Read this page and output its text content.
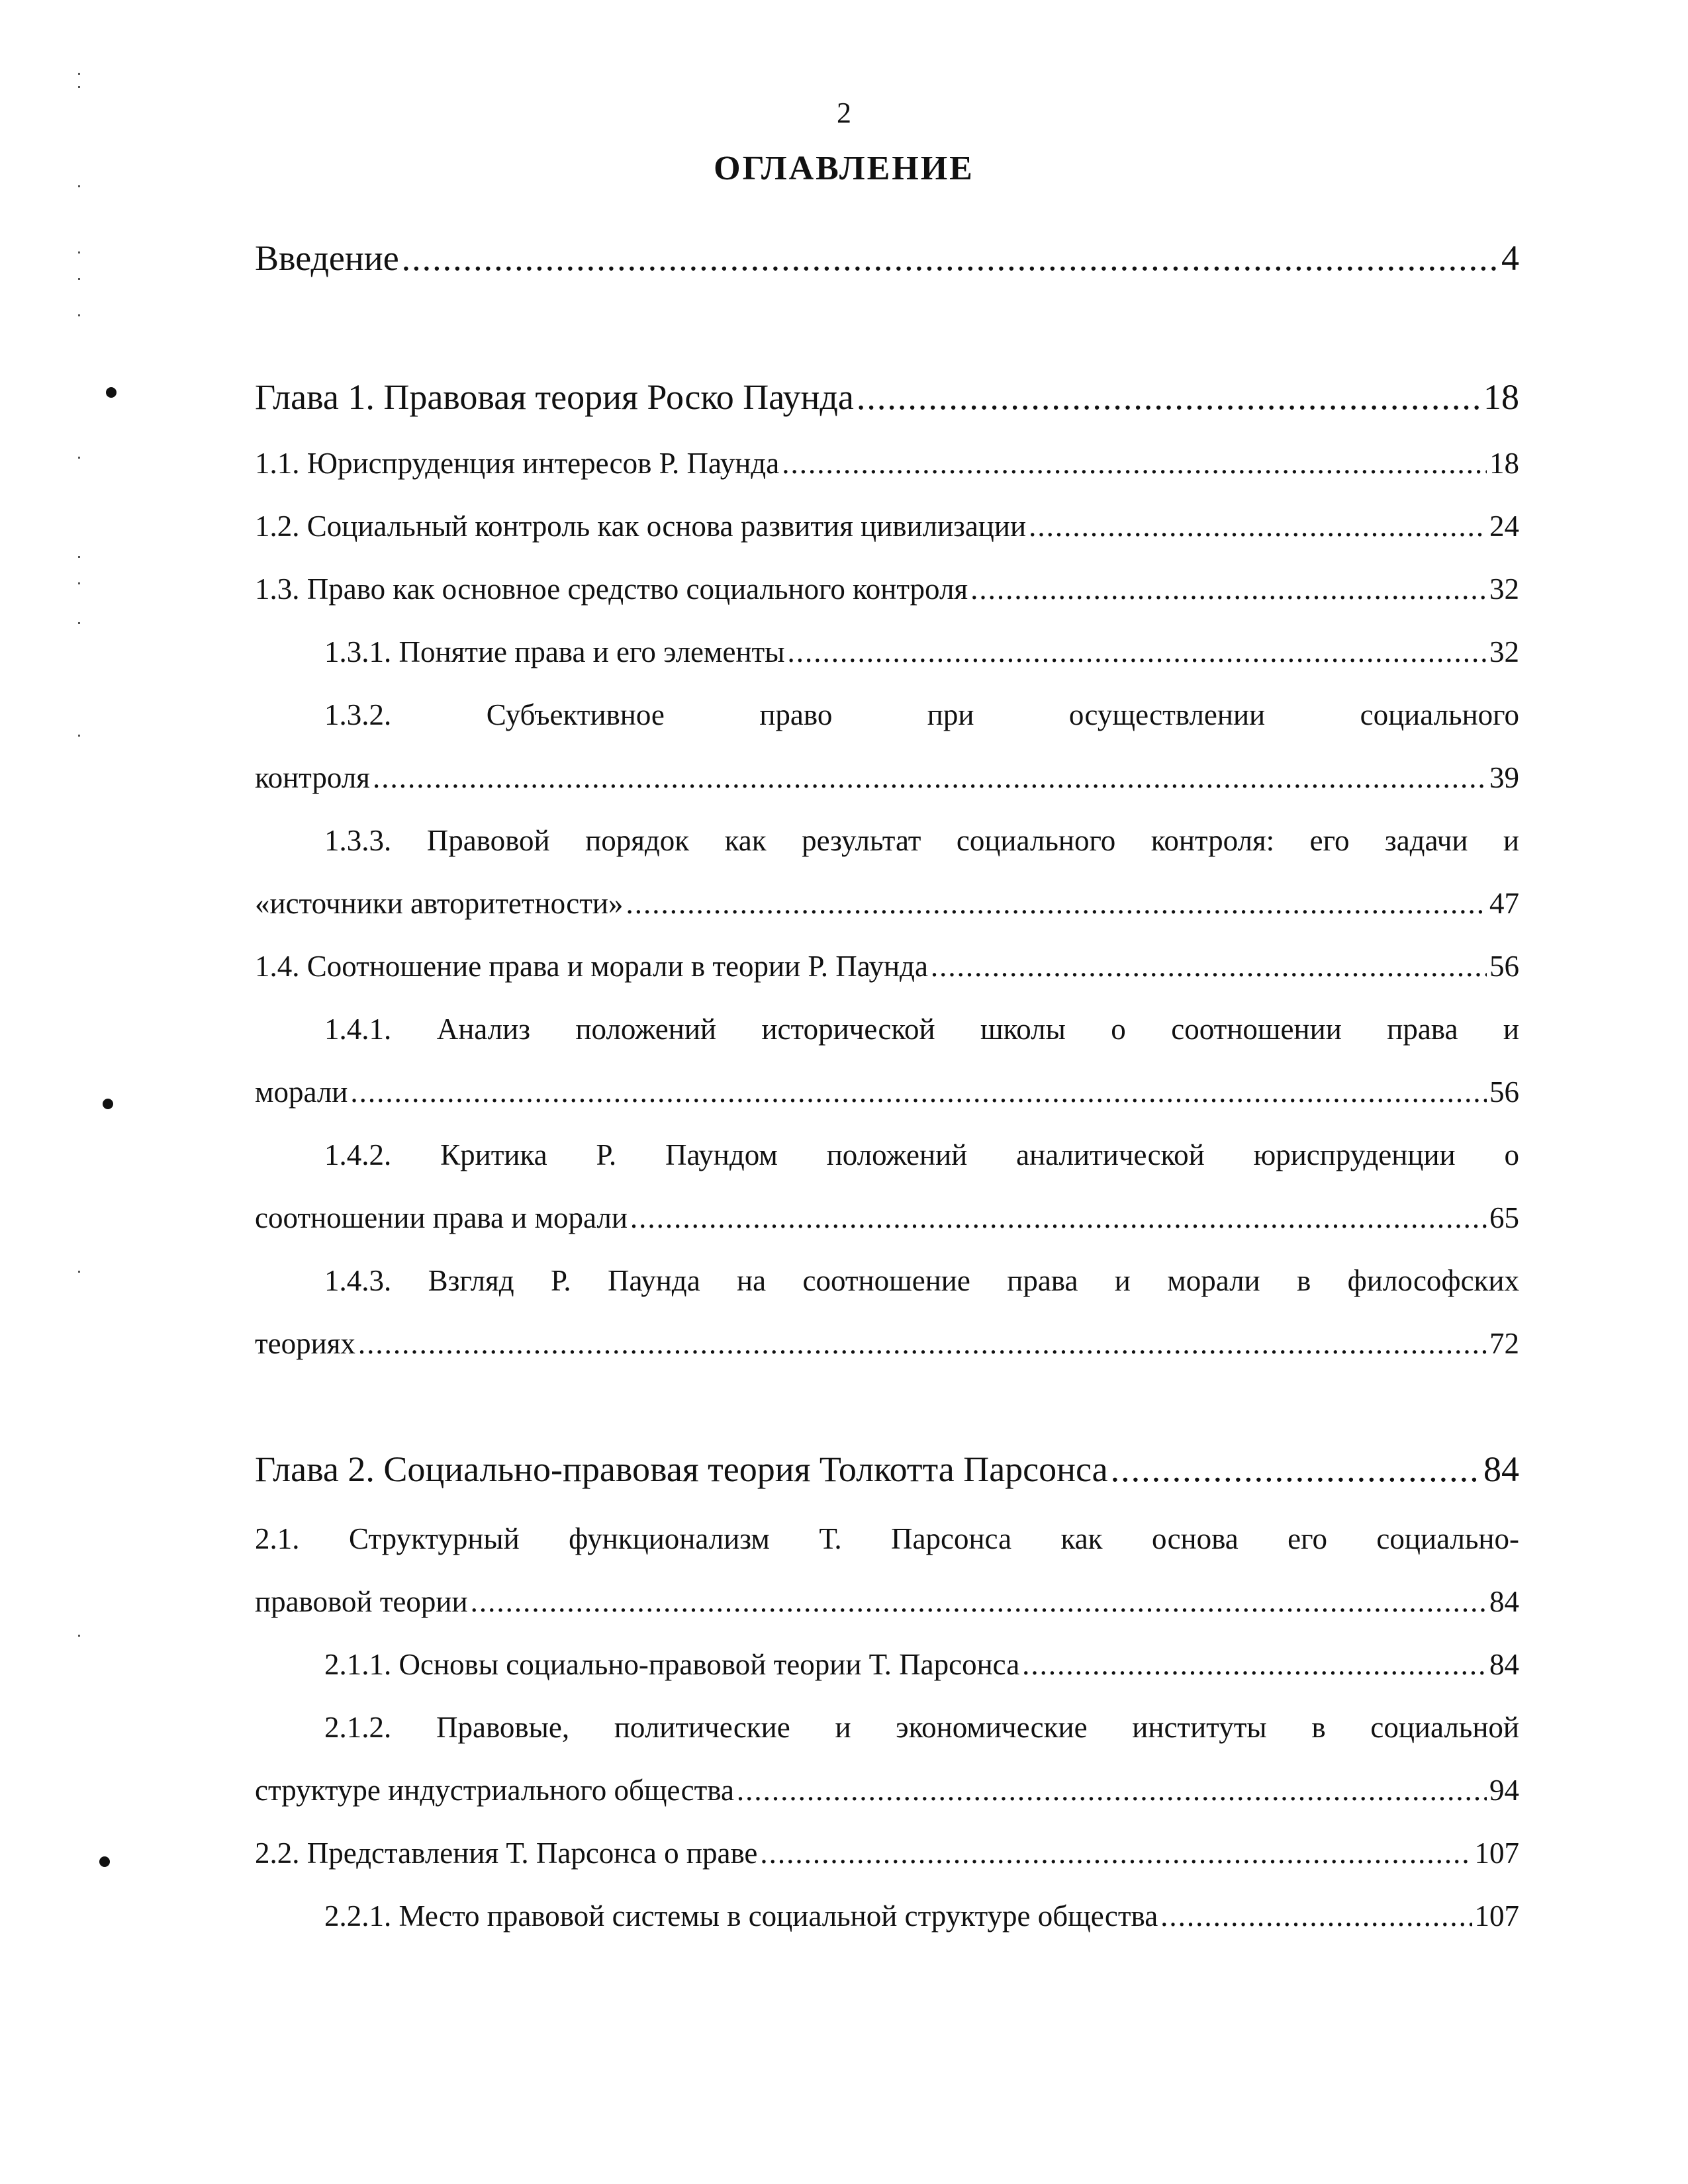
2
ОГЛАВЛЕНИЕ
Введение .....	4
Глава 1. Правовая теория Роско Паунда .....	18
1.1. Юриспруденция интересов Р. Паунда .....	18
1.2. Социальный контроль как основа развития цивилизации .....	24
1.3. Право как основное средство социального контроля .....	32
1.3.1. Понятие права и его элементы .....	32
1.3.2. Субъективное право при осуществлении социального
контроля .....	39
1.3.3. Правовой порядок как результат социального контроля: его задачи и
«источники авторитетности» .....	47
1.4. Соотношение права и морали в теории Р. Паунда .....	56
1.4.1. Анализ положений исторической школы о соотношении права и
морали .....	56
1.4.2. Критика Р. Паундом положений аналитической юриспруденции о
соотношении права и морали .....	65
1.4.3. Взгляд Р. Паунда на соотношение права и морали в философских
теориях .....	72
Глава 2. Социально-правовая теория Толкотта Парсонса .....	84
2.1. Структурный функционализм Т. Парсонса как основа его социально-
правовой теории .....	84
2.1.1. Основы социально-правовой теории Т. Парсонса .....	84
2.1.2. Правовые, политические и экономические институты в социальной
структуре индустриального общества .....	94
2.2. Представления Т. Парсонса о праве .....	107
2.2.1. Место правовой системы в социальной структуре общества .....	107
